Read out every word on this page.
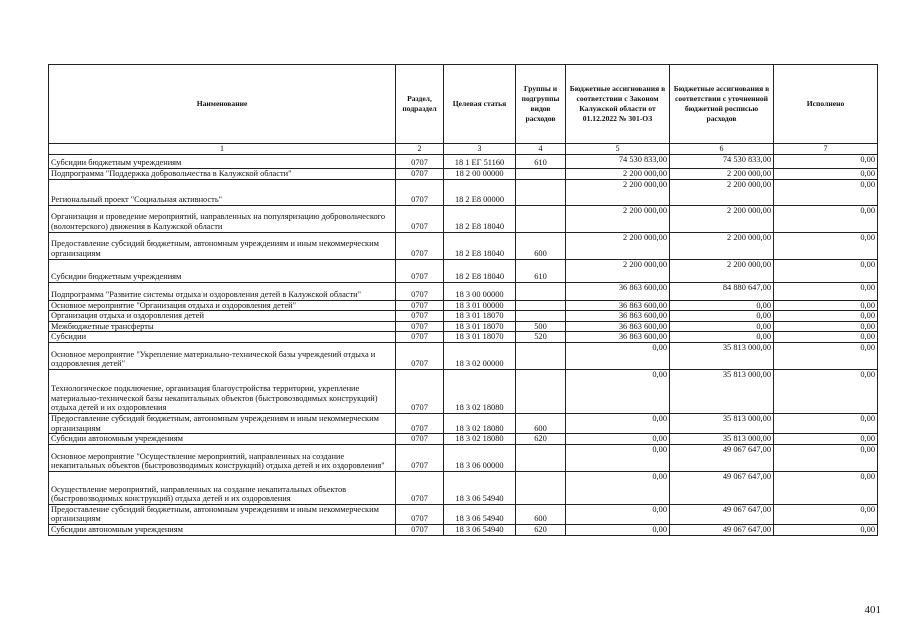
Наименование	Раздел, подраздел	Целевая статья	Группы и подгруппы видов расходов	Бюджетные ассигнования в соответствии с Законом Калужской области от 01.12.2022 № 301-ОЗ	Бюджетные ассигнования в соответствии с уточненной бюджетной росписью расходов	Исполнено
1	2	3	4	5	6	7
Субсидии бюджетным учреждениям	0707	18 1 ЕГ 51160	610	74 530 833,00	74 530 833,00	0,00
Подпрограмма "Поддержка добровольчества в Калужской области"	0707	18 2 00 00000		2 200 000,00	2 200 000,00	0,00
Региональный проект "Социальная активность"	0707	18 2 Е8 00000		2 200 000,00	2 200 000,00	0,00
Организация и проведение мероприятий, направленных на популяризацию добровольческого (волонтерского) движения в Калужской области	0707	18 2 Е8 18040		2 200 000,00	2 200 000,00	0,00
Предоставление субсидий бюджетным, автономным учреждениям и иным некоммерческим организациям	0707	18 2 Е8 18040	600	2 200 000,00	2 200 000,00	0,00
Субсидии бюджетным учреждениям	0707	18 2 Е8 18040	610	2 200 000,00	2 200 000,00	0,00
Подпрограмма "Развитие системы отдыха и оздоровления детей в Калужской области"	0707	18 3 00 00000		36 863 600,00	84 880 647,00	0,00
Основное мероприятие "Организация отдыха и оздоровления детей"	0707	18 3 01 00000		36 863 600,00	0,00	0,00
Организация отдыха и оздоровления детей	0707	18 3 01 18070		36 863 600,00	0,00	0,00
Межбюджетные трансферты	0707	18 3 01 18070	500	36 863 600,00	0,00	0,00
Субсидии	0707	18 3 01 18070	520	36 863 600,00	0,00	0,00
Основное мероприятие "Укрепление материально-технической базы учреждений отдыха и оздоровления детей"	0707	18 3 02 00000		0,00	35 813 000,00	0,00
Технологическое подключение, организация благоустройства территории, укрепление материально-технической базы некапитальных объектов (быстровозводимых конструкций) отдыха детей и их оздоровления	0707	18 3 02 18080		0,00	35 813 000,00	0,00
Предоставление субсидий бюджетным, автономным учреждениям и иным некоммерческим организациям	0707	18 3 02 18080	600	0,00	35 813 000,00	0,00
Субсидии автономным учреждениям	0707	18 3 02 18080	620	0,00	35 813 000,00	0,00
Основное мероприятие "Осуществление мероприятий, направленных на создание некапитальных объектов (быстровозводимых конструкций) отдыха детей и их оздоровления"	0707	18 3 06 00000		0,00	49 067 647,00	0,00
Осуществление мероприятий, направленных на создание некапитальных объектов (быстровозводимых конструкций) отдыха детей и их оздоровления	0707	18 3 06 54940		0,00	49 067 647,00	0,00
Предоставление субсидий бюджетным, автономным учреждениям и иным некоммерческим организациям	0707	18 3 06 54940	600	0,00	49 067 647,00	0,00
Субсидии автономным учреждениям	0707	18 3 06 54940	620	0,00	49 067 647,00	0,00
401
